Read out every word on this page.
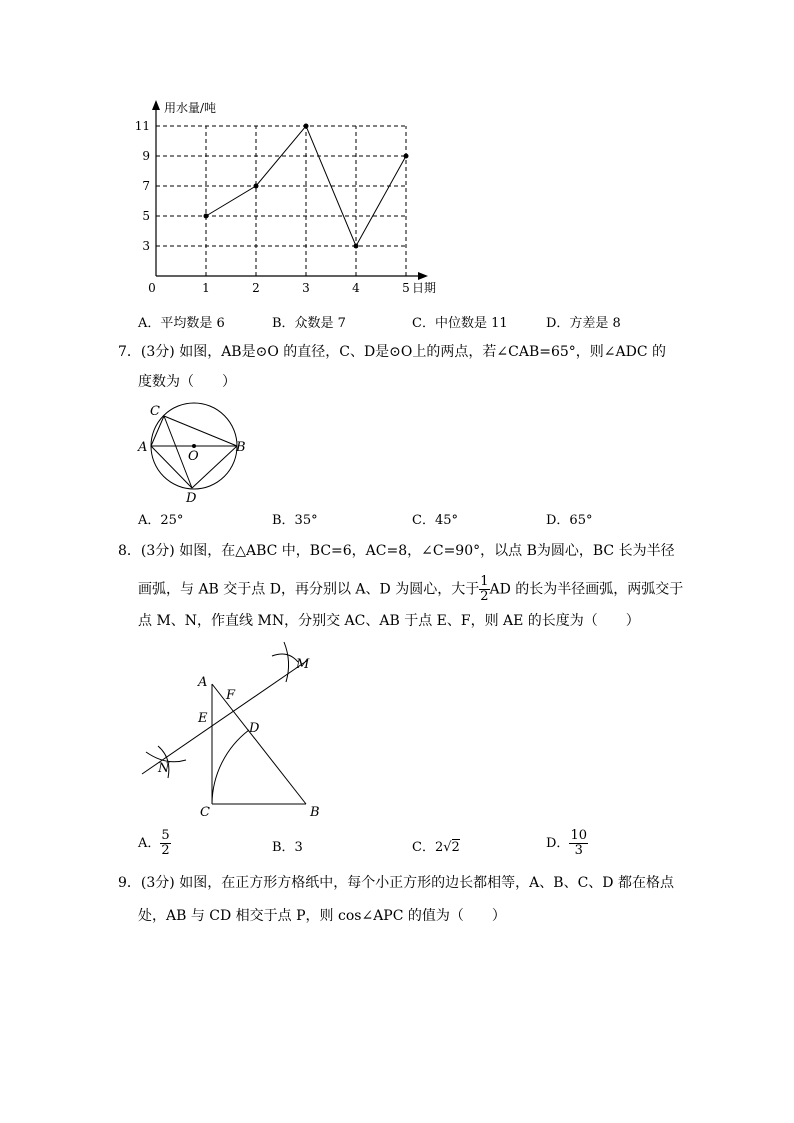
3
5
7
9
11
1	2	3	4	5
用水量/吨
日期
0
A．平均数是 6	B．众数是 7	C．中位数是 11	D．方差是 8
7．(3分) 如图，AB是⊙O 的直径，C、D是⊙O上的两点，若∠CAB=65°，则∠ADC 的
度数为（　　）
C
A	B
O
D
A．25°	B．35°	C．45°	D．65°
8．(3分) 如图，在△ABC 中，BC=6，AC=8，∠C=90°，以点 B为圆心，BC 长为半径
画弧，与 AB 交于点 D，再分别以 A、D 为圆心，大于 $\frac{1}{2}$ AD 的长为半径画弧，两弧交于
点 M、N，作直线 MN，分别交 AC、AB 于点 E、F，则 AE 的长度为（　　）
A
F
E
D
M
N
C	B
A． $\frac{5}{2}$	B．3	C．2√2	D． $\frac{10}{3}$
9．(3分) 如图，在正方形方格纸中，每个小正方形的边长都相等，A、B、C、D 都在格点
处，AB 与 CD 相交于点 P，则 cos∠APC 的值为（　　）
